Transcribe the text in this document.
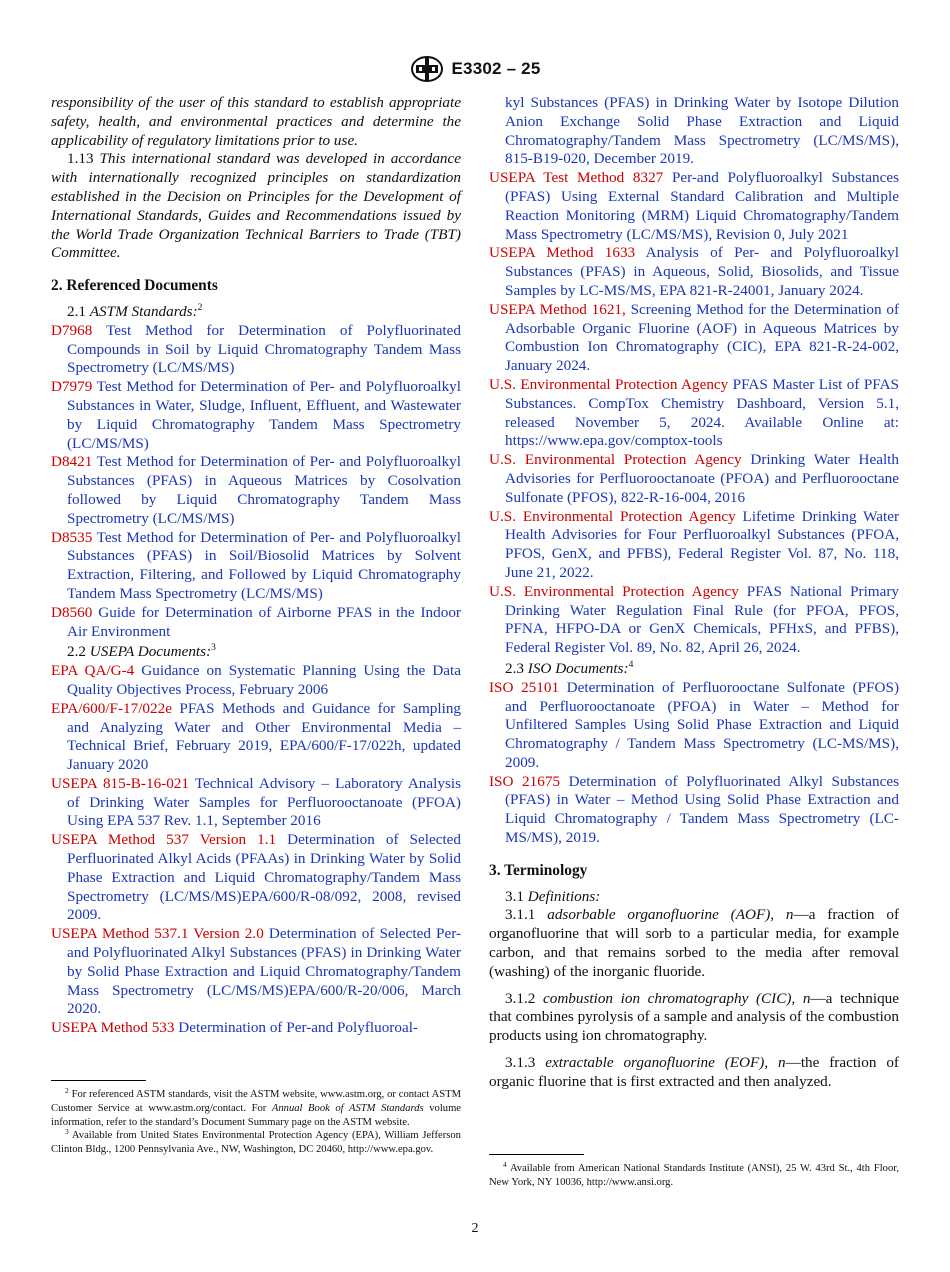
E3302 – 25

responsibility of the user of this standard to establish appropriate safety, health, and environmental practices and determine the applicability of regulatory limitations prior to use.

1.13 This international standard was developed in accordance with internationally recognized principles on standardization established in the Decision on Principles for the Development of International Standards, Guides and Recommendations issued by the World Trade Organization Technical Barriers to Trade (TBT) Committee.

2. Referenced Documents

2.1 ASTM Standards:$^2$

D7968 Test Method for Determination of Polyfluorinated Compounds in Soil by Liquid Chromatography Tandem Mass Spectrometry (LC/MS/MS)

D7979 Test Method for Determination of Per- and Polyfluoroalkyl Substances in Water, Sludge, Influent, Effluent, and Wastewater by Liquid Chromatography Tandem Mass Spectrometry (LC/MS/MS)

D8421 Test Method for Determination of Per- and Polyfluoroalkyl Substances (PFAS) in Aqueous Matrices by Cosolvation followed by Liquid Chromatography Tandem Mass Spectrometry (LC/MS/MS)

D8535 Test Method for Determination of Per- and Polyfluoroalkyl Substances (PFAS) in Soil/Biosolid Matrices by Solvent Extraction, Filtering, and Followed by Liquid Chromatography Tandem Mass Spectrometry (LC/MS/MS)

D8560 Guide for Determination of Airborne PFAS in the Indoor Air Environment

2.2 USEPA Documents:$^3$

EPA QA/G-4 Guidance on Systematic Planning Using the Data Quality Objectives Process, February 2006

EPA/600/F-17/022e PFAS Methods and Guidance for Sampling and Analyzing Water and Other Environmental Media – Technical Brief, February 2019, EPA/600/F-17/022h, updated January 2020

USEPA 815-B-16-021 Technical Advisory – Laboratory Analysis of Drinking Water Samples for Perfluorooctanoate (PFOA) Using EPA 537 Rev. 1.1, September 2016

USEPA Method 537 Version 1.1 Determination of Selected Perfluorinated Alkyl Acids (PFAAs) in Drinking Water by Solid Phase Extraction and Liquid Chromatography/Tandem Mass Spectrometry (LC/MS/MS)EPA/600/R-08/092, 2008, revised 2009.

USEPA Method 537.1 Version 2.0 Determination of Selected Per- and Polyfluorinated Alkyl Substances (PFAS) in Drinking Water by Solid Phase Extraction and Liquid Chromatography/Tandem Mass Spectrometry (LC/MS/MS)EPA/600/R-20/006, March 2020.

USEPA Method 533 Determination of Per-and Polyfluoroal-

$^2$ For referenced ASTM standards, visit the ASTM website, www.astm.org, or contact ASTM Customer Service at www.astm.org/contact. For Annual Book of ASTM Standards volume information, refer to the standard’s Document Summary page on the ASTM website.

$^3$ Available from United States Environmental Protection Agency (EPA), William Jefferson Clinton Bldg., 1200 Pennsylvania Ave., NW, Washington, DC 20460, http://www.epa.gov.

kyl Substances (PFAS) in Drinking Water by Isotope Dilution Anion Exchange Solid Phase Extraction and Liquid Chromatography/Tandem Mass Spectrometry (LC/MS/MS), 815-B19-020, December 2019.

USEPA Test Method 8327 Per-and Polyfluoroalkyl Substances (PFAS) Using External Standard Calibration and Multiple Reaction Monitoring (MRM) Liquid Chromatography/Tandem Mass Spectrometry (LC/MS/MS), Revision 0, July 2021

USEPA Method 1633 Analysis of Per- and Polyfluoroalkyl Substances (PFAS) in Aqueous, Solid, Biosolids, and Tissue Samples by LC-MS/MS, EPA 821-R-24001, January 2024.

USEPA Method 1621, Screening Method for the Determination of Adsorbable Organic Fluorine (AOF) in Aqueous Matrices by Combustion Ion Chromatography (CIC), EPA 821-R-24-002, January 2024.

U.S. Environmental Protection Agency PFAS Master List of PFAS Substances. CompTox Chemistry Dashboard, Version 5.1, released November 5, 2024. Available Online at: https://www.epa.gov/comptox-tools

U.S. Environmental Protection Agency Drinking Water Health Advisories for Perfluorooctanoate (PFOA) and Perfluorooctane Sulfonate (PFOS), 822-R-16-004, 2016

U.S. Environmental Protection Agency Lifetime Drinking Water Health Advisories for Four Perfluoroalkyl Substances (PFOA, PFOS, GenX, and PFBS), Federal Register Vol. 87, No. 118, June 21, 2022.

U.S. Environmental Protection Agency PFAS National Primary Drinking Water Regulation Final Rule (for PFOA, PFOS, PFNA, HFPO-DA or GenX Chemicals, PFHxS, and PFBS), Federal Register Vol. 89, No. 82, April 26, 2024.

2.3 ISO Documents:$^4$

ISO 25101 Determination of Perfluorooctane Sulfonate (PFOS) and Perfluorooctanoate (PFOA) in Water – Method for Unfiltered Samples Using Solid Phase Extraction and Liquid Chromatography / Tandem Mass Spectrometry (LC-MS/MS), 2009.

ISO 21675 Determination of Polyfluorinated Alkyl Substances (PFAS) in Water – Method Using Solid Phase Extraction and Liquid Chromatography / Tandem Mass Spectrometry (LC-MS/MS), 2019.

3. Terminology

3.1 Definitions:

3.1.1 adsorbable organofluorine (AOF), n—a fraction of organofluorine that will sorb to a particular media, for example carbon, and that remains sorbed to the media after removal (washing) of the inorganic fluoride.

3.1.2 combustion ion chromatography (CIC), n—a technique that combines pyrolysis of a sample and analysis of the combustion products using ion chromatography.

3.1.3 extractable organofluorine (EOF), n—the fraction of organic fluorine that is first extracted and then analyzed.

$^4$ Available from American National Standards Institute (ANSI), 25 W. 43rd St., 4th Floor, New York, NY 10036, http://www.ansi.org.

2
